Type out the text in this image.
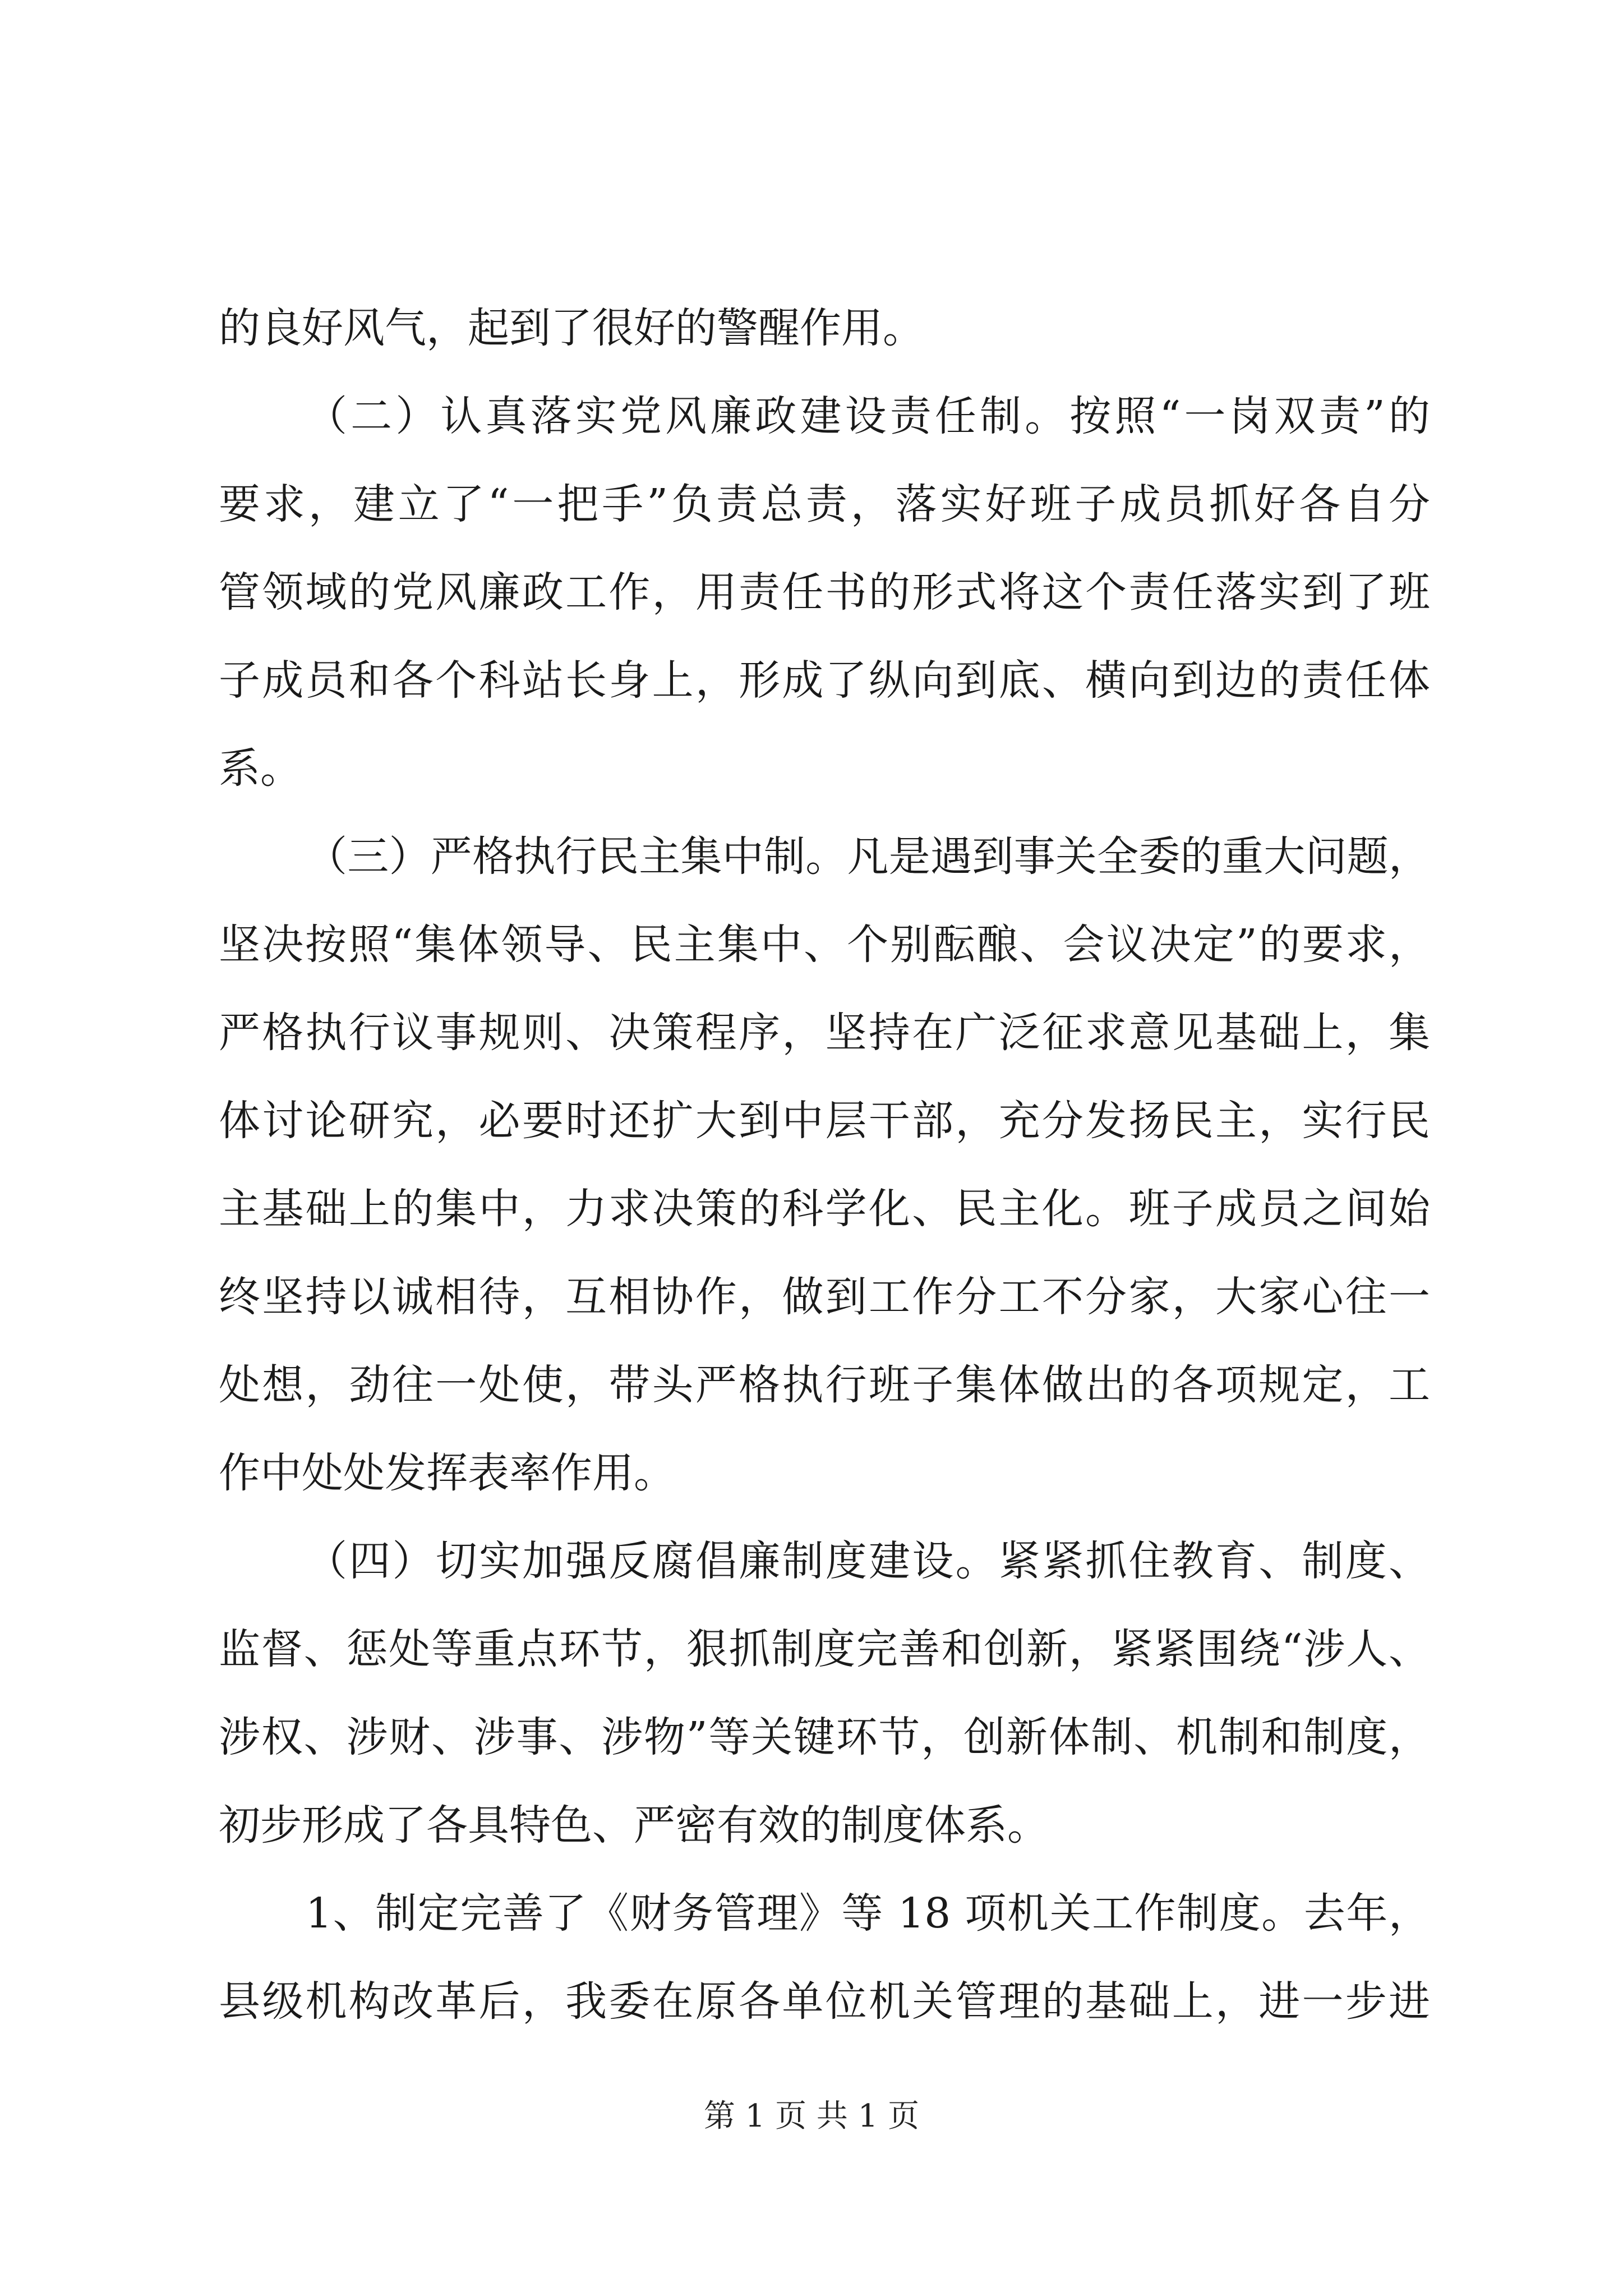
的良好风气，起到了很好的警醒作用。
（二）认真落实党风廉政建设责任制。按照“一岗双责”的
要求，建立了“一把手”负责总责，落实好班子成员抓好各自分
管领域的党风廉政工作，用责任书的形式将这个责任落实到了班
子成员和各个科站长身上，形成了纵向到底、横向到边的责任体
系。
（三）严格执行民主集中制。凡是遇到事关全委的重大问题，
坚决按照“集体领导、民主集中、个别酝酿、会议决定”的要求，
严格执行议事规则、决策程序，坚持在广泛征求意见基础上，集
体讨论研究，必要时还扩大到中层干部，充分发扬民主，实行民
主基础上的集中，力求决策的科学化、民主化。班子成员之间始
终坚持以诚相待，互相协作，做到工作分工不分家，大家心往一
处想，劲往一处使，带头严格执行班子集体做出的各项规定，工
作中处处发挥表率作用。
（四）切实加强反腐倡廉制度建设。紧紧抓住教育、制度、
监督、惩处等重点环节，狠抓制度完善和创新，紧紧围绕“涉人、
涉权、涉财、涉事、涉物”等关键环节，创新体制、机制和制度，
初步形成了各具特色、严密有效的制度体系。
1、制定完善了《财务管理》等 18 项机关工作制度。去年，
县级机构改革后，我委在原各单位机关管理的基础上，进一步进
第 1 页 共 1 页
